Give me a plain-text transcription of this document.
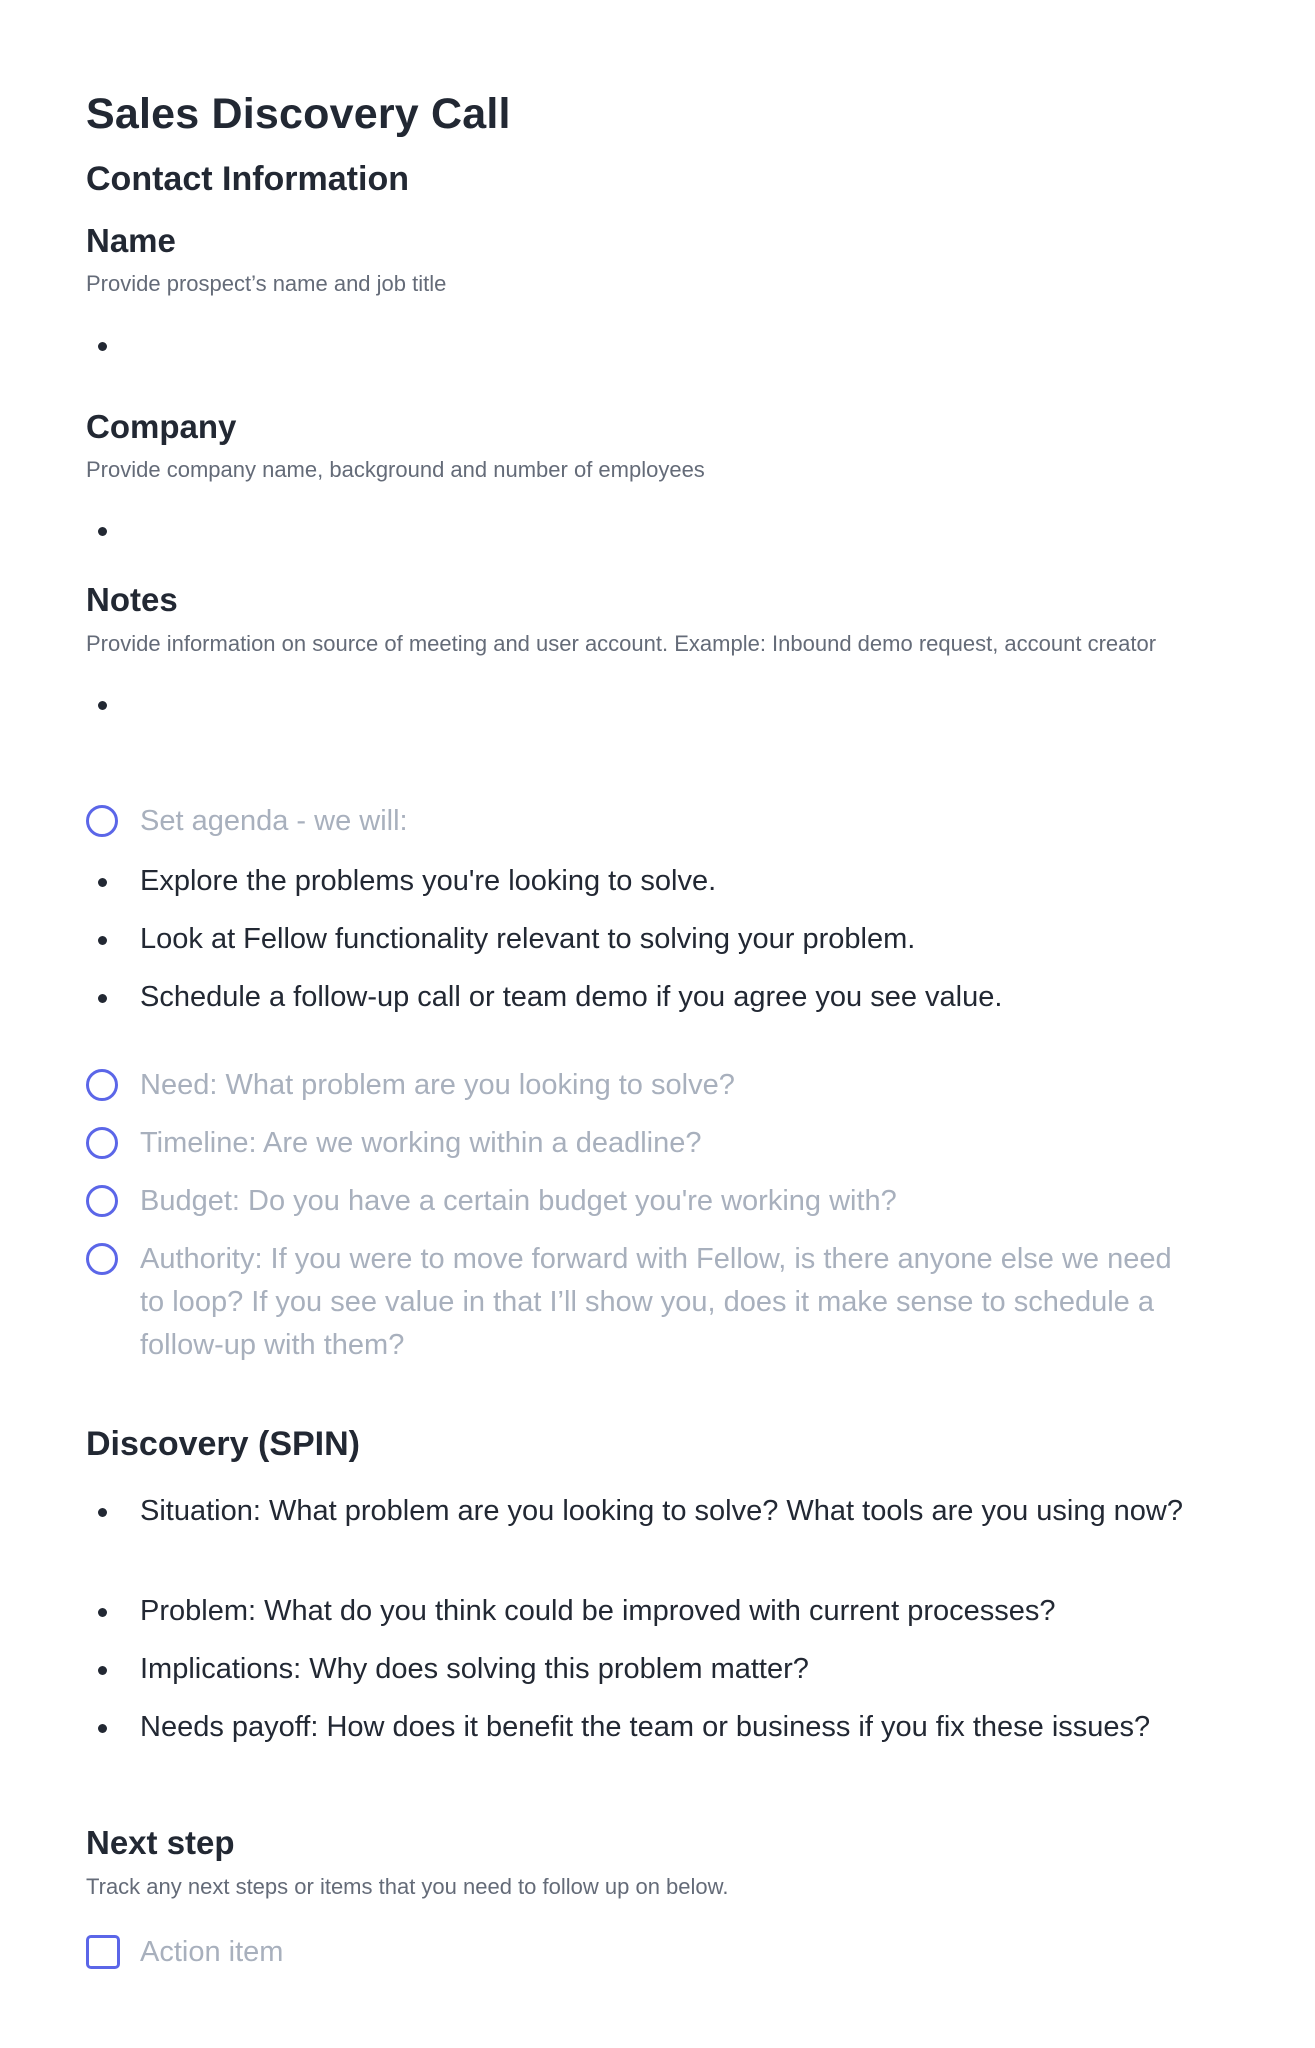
Sales Discovery Call
Contact Information
Name
Provide prospect’s name and job title
Company
Provide company name, background and number of employees
Notes
Provide information on source of meeting and user account. Example: Inbound demo request, account creator
Set agenda - we will:
Explore the problems you're looking to solve.
Look at Fellow functionality relevant to solving your problem.
Schedule a follow-up call or team demo if you agree you see value.
Need: What problem are you looking to solve?
Timeline: Are we working within a deadline?
Budget: Do you have a certain budget you're working with?
Authority: If you were to move forward with Fellow, is there anyone else we need to loop? If you see value in that I’ll show you, does it make sense to schedule a follow-up with them?
Discovery (SPIN)
Situation: What problem are you looking to solve? What tools are you using now?
Problem: What do you think could be improved with current processes?
Implications: Why does solving this problem matter?
Needs payoff: How does it benefit the team or business if you fix these issues?
Next step
Track any next steps or items that you need to follow up on below.
Action item
